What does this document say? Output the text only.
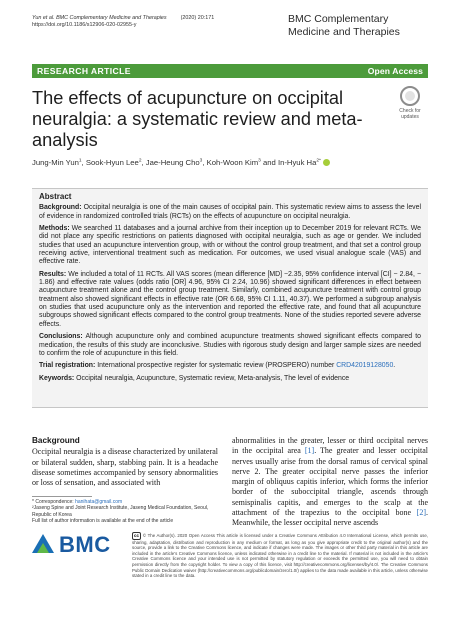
Yun et al. BMC Complementary Medicine and Therapies	(2020) 20:171
https://doi.org/10.1186/s12906-020-02955-y
BMC Complementary Medicine and Therapies
RESEARCH ARTICLE	Open Access
The effects of acupuncture on occipital neuralgia: a systematic review and meta-analysis
Check for updates
Jung-Min Yun$^1$, Sook-Hyun Lee$^2$, Jae-Heung Cho$^3$, Koh-Woon Kim$^3$ and In-Hyuk $Ha^{2*}$
Abstract

Background: Occipital neuralgia is one of the main causes of occipital pain. This systematic review aims to assess the level of evidence in randomized controlled trials (RCTs) on the effects of acupuncture on occipital neuralgia.

Methods: We searched 11 databases and a journal archive from their inception up to December 2019 for relevant RCTs. We did not place any specific restrictions on patients diagnosed with occipital neuralgia, such as age or gender. We included studies that used an acupuncture intervention group, with or without the control group treatment, and that set a control group receiving active, interventional treatment such as medication. For outcomes, we used visual analogue scale (VAS) and effective rate.

Results: We included a total of 11 RCTs. All VAS scores (mean difference [MD] −2.35, 95% confidence interval [CI] − 2.84, − 1.86) and effective rate values (odds ratio [OR] 4.96, 95% CI 2.24, 10.96) showed significant differences in effect between acupuncture treatment alone and the control group treatment. Similarly, combined acupuncture treatment with control group treatment also showed significant effects in effective rate (OR 6.68, 95% CI 1.11, 40.37). We performed a subgroup analysis on studies that used acupuncture only as the intervention and reported the effective rate, and found that all acupuncture subgroups showed significant effects compared to the control group treatments. None of the studies reported severe adverse effects.

Conclusions: Although acupuncture only and combined acupuncture treatments showed significant effects compared to medication, the results of this study are inconclusive. Studies with rigorous study design and larger sample sizes are needed to confirm the role of acupuncture in this field.

Trial registration: International prospective register for systematic review (PROSPERO) number CRD42019128050.

Keywords: Occipital neuralgia, Acupuncture, Systematic review, Meta-analysis, The level of evidence

Background
Occipital neuralgia is a disease characterized by unilateral or bilateral sudden, sharp, stabbing pain. It is a headache disease sometimes accompanied by sensory abnormalities or loss of sensation, and associated with
abnormalities in the greater, lesser or third occipital nerves in the occipital area [1]. The greater and lesser occipital nerves usually arise from the dorsal ramus of cervical spinal nerve 2. The greater occipital nerve passes the inferior margin of obliquus capitis inferior, which forms the inferior border of the suboccipital triangle, ascends through semispinalis capitis, and emerges to the scalp at the attachment of the trapezius to the occipital bone [2]. Meanwhile, the lesser occipital nerve ascends
* Correspondence: hanihata@gmail.com
²Jaseng Spine and Joint Research Institute, Jaseng Medical Foundation, Seoul, Republic of Korea
Full list of author information is available at the end of the article
BMC	cc © The Author(s). 2020 Open Access This article is licensed under a Creative Commons Attribution 4.0 International License, which permits use, sharing, adaptation, distribution and reproduction in any medium or format, as long as you give appropriate credit to the original author(s) and the source, provide a link to the Creative Commons licence, and indicate if changes were made. The images or other third party material in this article are included in the article's Creative Commons licence, unless indicated otherwise in a credit line to the material. If material is not included in the article's Creative Commons licence and your intended use is not permitted by statutory regulation or exceeds the permitted use, you will need to obtain permission directly from the copyright holder. To view a copy of this licence, visit http://creativecommons.org/licenses/by/4.0/. The Creative Commons Public Domain Dedication waiver (http://creativecommons.org/publicdomain/zero/1.0/) applies to the data made available in this article, unless otherwise stated in a credit line to the data.
